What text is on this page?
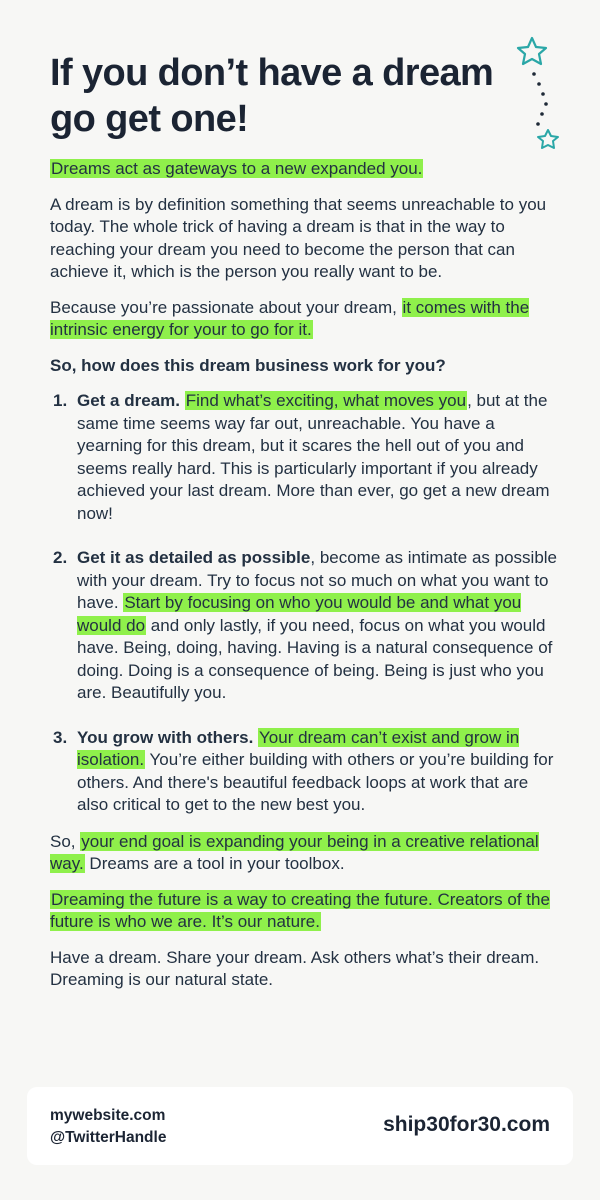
If you don’t have a dream go get one!

Dreams act as gateways to a new expanded you.

A dream is by definition something that seems unreachable to you today. The whole trick of having a dream is that in the way to reaching your dream you need to become the person that can achieve it, which is the person you really want to be.

Because you’re passionate about your dream, it comes with the intrinsic energy for your to go for it.

So, how does this dream business work for you?

1. Get a dream. Find what’s exciting, what moves you, but at the same time seems way far out, unreachable. You have a yearning for this dream, but it scares the hell out of you and seems really hard. This is particularly important if you already achieved your last dream. More than ever, go get a new dream now!
2. Get it as detailed as possible, become as intimate as possible with your dream. Try to focus not so much on what you want to have. Start by focusing on who you would be and what you would do and only lastly, if you need, focus on what you would have. Being, doing, having. Having is a natural consequence of doing. Doing is a consequence of being. Being is just who you are. Beautifully you.
3. You grow with others. Your dream can’t exist and grow in isolation. You’re either building with others or you’re building for others. And there's beautiful feedback loops at work that are also critical to get to the new best you.

So, your end goal is expanding your being in a creative relational way. Dreams are a tool in your toolbox.

Dreaming the future is a way to creating the future. Creators of the future is who we are. It’s our nature.

Have a dream. Share your dream. Ask others what’s their dream. Dreaming is our natural state.

mywebsite.com
@TwitterHandle
ship30for30.com
